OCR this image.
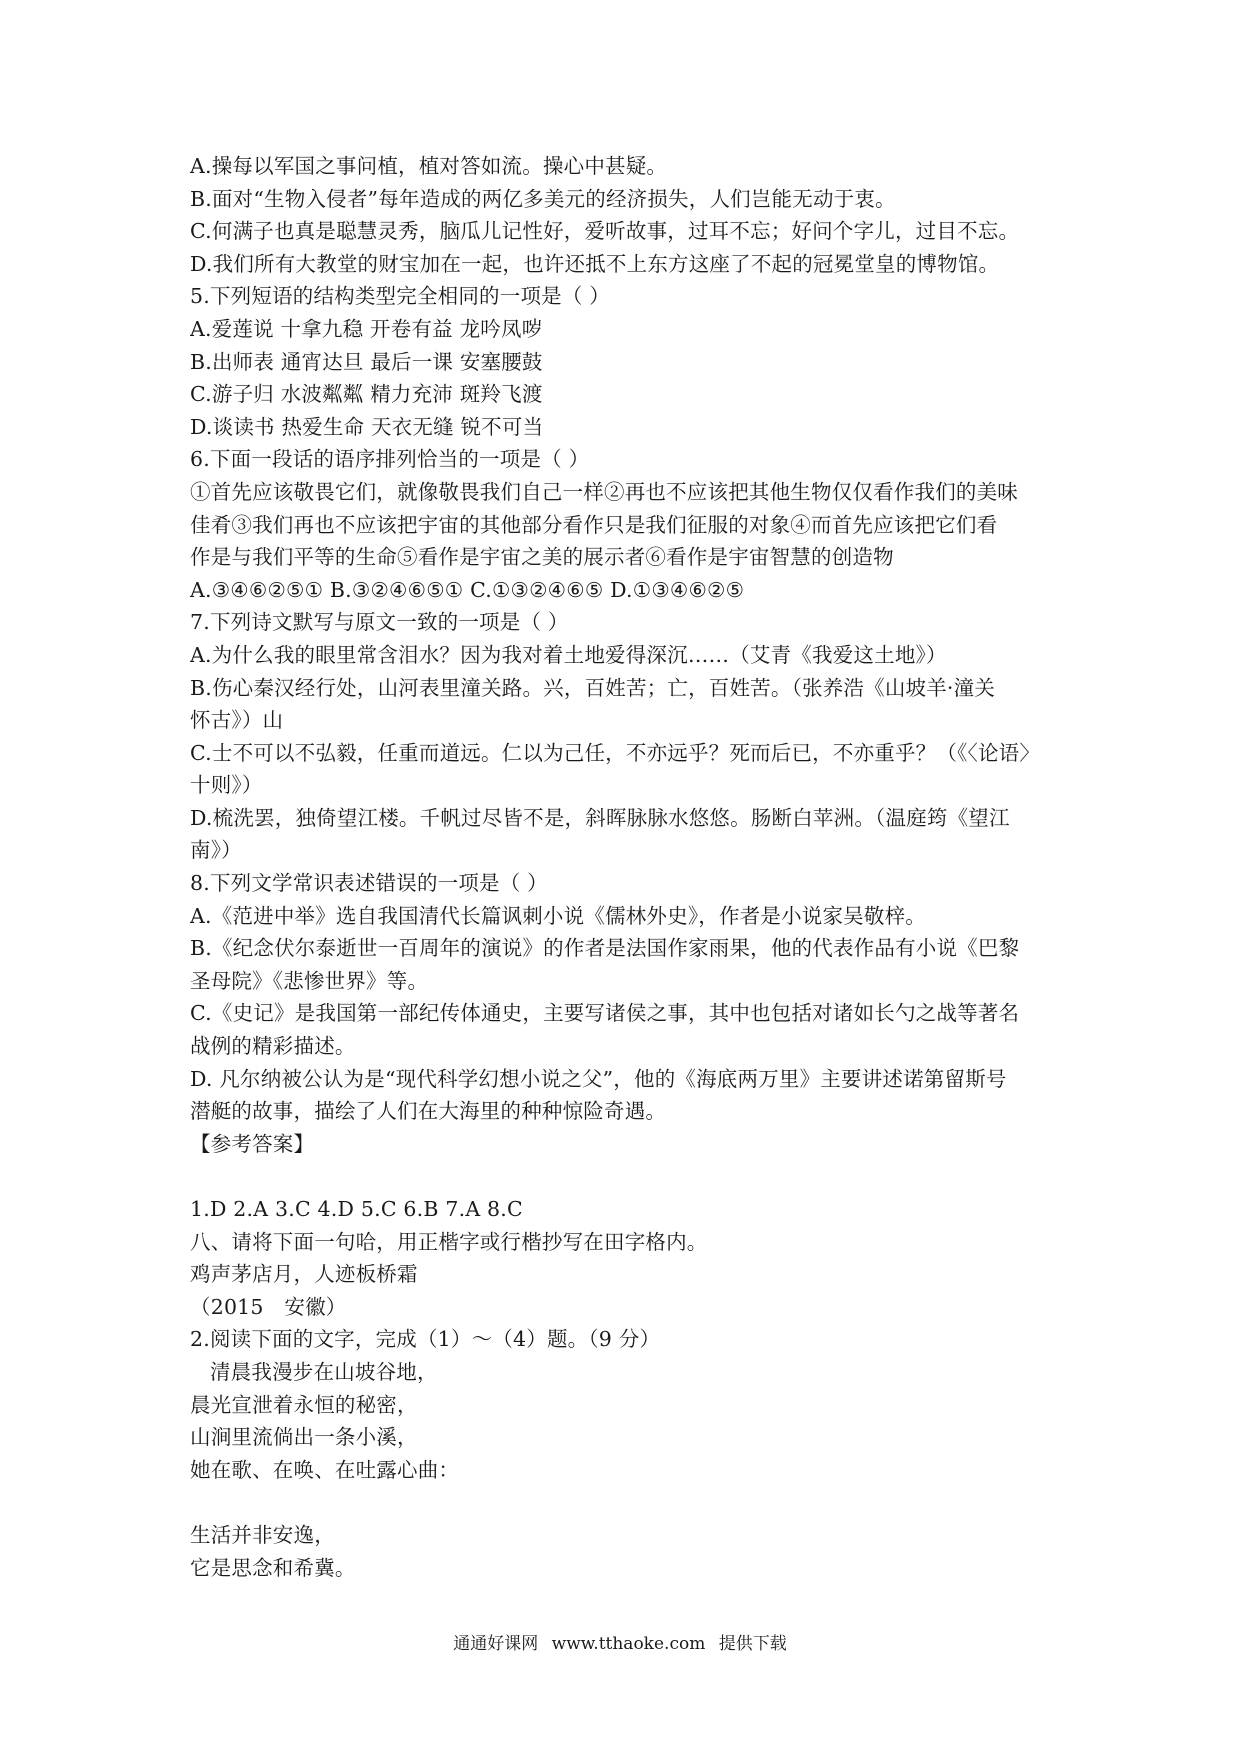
A.操每以军国之事问植，植对答如流。操心中甚疑。
B.面对“生物入侵者”每年造成的两亿多美元的经济损失，人们岂能无动于衷。
C.何满子也真是聪慧灵秀，脑瓜儿记性好，爱听故事，过耳不忘；好问个字儿，过目不忘。
D.我们所有大教堂的财宝加在一起，也许还抵不上东方这座了不起的冠冕堂皇的博物馆。
5.下列短语的结构类型完全相同的一项是（ ）
A.爱莲说 十拿九稳 开卷有益 龙吟凤哕
B.出师表 通宵达旦 最后一课 安塞腰鼓
C.游子归 水波粼粼 精力充沛 斑羚飞渡
D.谈读书 热爱生命 天衣无缝 锐不可当
6.下面一段话的语序排列恰当的一项是（ ）
①首先应该敬畏它们，就像敬畏我们自己一样②再也不应该把其他生物仅仅看作我们的美味
佳肴③我们再也不应该把宇宙的其他部分看作只是我们征服的对象④而首先应该把它们看
作是与我们平等的生命⑤看作是宇宙之美的展示者⑥看作是宇宙智慧的创造物
A.③④⑥②⑤① B.③②④⑥⑤① C.①③②④⑥⑤ D.①③④⑥②⑤
7.下列诗文默写与原文一致的一项是（ ）
A.为什么我的眼里常含泪水？因为我对着土地爱得深沉……（艾青《我爱这土地》）
B.伤心秦汉经行处，山河表里潼关路。兴，百姓苦；亡，百姓苦。（张养浩《山坡羊·潼关
怀古》）山
C.士不可以不弘毅，任重而道远。仁以为己任，不亦远乎？死而后已，不亦重乎？（《〈论语〉
十则》）
D.梳洗罢，独倚望江楼。千帆过尽皆不是，斜晖脉脉水悠悠。肠断白苹洲。（温庭筠《望江
南》）
8.下列文学常识表述错误的一项是（ ）
A.《范进中举》选自我国清代长篇讽刺小说《儒林外史》，作者是小说家吴敬梓。
B.《纪念伏尔泰逝世一百周年的演说》的作者是法国作家雨果，他的代表作品有小说《巴黎
圣母院》《悲惨世界》等。
C.《史记》是我国第一部纪传体通史，主要写诸侯之事，其中也包括对诸如长勺之战等著名
战例的精彩描述。
D. 凡尔纳被公认为是“现代科学幻想小说之父”，他的《海底两万里》主要讲述诺第留斯号
潜艇的故事，描绘了人们在大海里的种种惊险奇遇。
【参考答案】
1.D 2.A 3.C 4.D 5.C 6.B 7.A 8.C
八、请将下面一句哈，用正楷字或行楷抄写在田字格内。
鸡声茅店月，人迹板桥霜
（2015　安徽）
2.阅读下面的文字，完成（1）～（4）题。（9 分）
清晨我漫步在山坡谷地，
晨光宣泄着永恒的秘密，
山涧里流倘出一条小溪，
她在歌、在唤、在吐露心曲：
生活并非安逸，
它是思念和希冀。
通通好课网 www.tthaoke.com 提供下载
